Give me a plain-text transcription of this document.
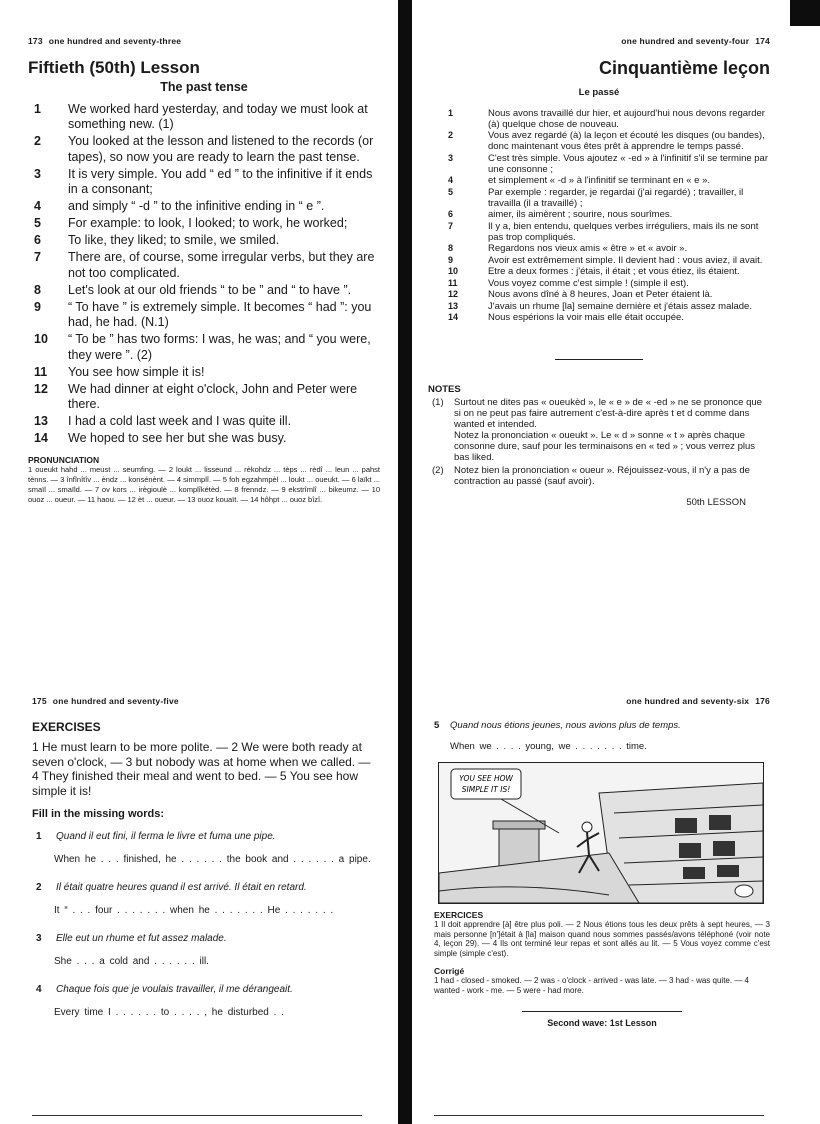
173 one hundred and seventy-three
Fiftieth (50th) Lesson
The past tense
1	We worked hard yesterday, and today we must look at something new. (1)
2	You looked at the lesson and listened to the records (or tapes), so now you are ready to learn the past tense.
3	It is very simple. You add “ ed ” to the infinitive if it ends in a consonant;
4	and simply “ -d ” to the infinitive ending in “ e ”.
5	For example: to look, I looked; to work, he worked;
6	To like, they liked; to smile, we smiled.
7	There are, of course, some irregular verbs, but they are not too complicated.
8	Let's look at our old friends “ to be ” and “ to have ”.
9	“ To have ” is extremely simple. It becomes “ had ”: you had, he had. (N.1)
10	“ To be ” has two forms: I was, he was; and “ you were, they were ”. (2)
11	You see how simple it is!
12	We had dinner at eight o'clock, John and Peter were there.
13	I had a cold last week and I was quite ill.
14	We hoped to see her but she was busy.
PRONUNCIATION
1 oueukt hahd ... meust ... seumfing. — 2 loukt ... lisseund ... rèkohdz ... tèps ... rèdî ... leun ... pahst tènns. — 3 înfînîtîv ... èndz ... konsénènt. — 4 simmplî. — 5 foh egzahmpèl ... loukt ... oueukt. — 6 laïkt ... smaïl ... smaïld. — 7 ov kors ... irègioulè ... komplîkétèd. — 8 frenndz. — 9 ekstrîmlî ... bikeumz. — 10 ouoz ... oueur. — 11 haou. — 12 èt ... oueur. — 13 ouoz kouaït. — 14 hôhpt ... ouoz bîzî.
one hundred and seventy-four 174
Cinquantième leçon
Le passé
1	Nous avons travaillé dur hier, et aujourd'hui nous devons regarder (à) quelque chose de nouveau.
2	Vous avez regardé (à) la leçon et écouté les disques (ou bandes), donc maintenant vous êtes prêt à apprendre le temps passé.
3	C'est très simple. Vous ajoutez « -ed » à l'infinitif s'il se termine par une consonne ;
4	et simplement « -d » à l'infinitif se terminant en « e ».
5	Par exemple : regarder, je regardai (j'ai regardé) ; travailler, il travailla (il a travaillé) ;
6	aimer, ils aimèrent ; sourire, nous sourîmes.
7	Il y a, bien entendu, quelques verbes irréguliers, mais ils ne sont pas trop compliqués.
8	Regardons nos vieux amis « être » et « avoir ».
9	Avoir est extrêmement simple. Il devient had : vous aviez, il avait.
10	Etre a deux formes : j'étais, il était ; et vous étiez, ils étaient.
11	Vous voyez comme c'est simple ! (simple il est).
12	Nous avons dîné à 8 heures, Joan et Peter étaient là.
13	J'avais un rhume [la] semaine dernière et j'étais assez malade.
14	Nous espérions la voir mais elle était occupée.
NOTES
(1)	Surtout ne dites pas « oueukèd », le « e » de « -ed » ne se prononce que si on ne peut pas faire autrement c'est-à-dire après t et d comme dans wanted et intended.

Notez la prononciation « oueukt ». Le « d » sonne « t » après chaque consonne dure, sauf pour les terminaisons en « ted » ; vous verrez plus bas liked.

(2)	Notez bien la prononciation « oueur ». Réjouissez-vous, il n'y a pas de contraction au passé (sauf avoir).

50th LESSON
175 one hundred and seventy-five
EXERCISES
1 He must learn to be more polite. — 2 We were both ready at seven o'clock, — 3 but nobody was at home when we called. — 4 They finished their meal and went to bed. — 5 You see how simple it is!
Fill in the missing words:
1	Quand il eut fini, il ferma le livre et fuma une pipe.
When he . . . finished, he . . . . . . the book and . . . . . . a pipe.
2	Il était quatre heures quand il est arrivé. Il était en retard.
It “ . . . four . . . . . . . when he . . . . . . . He . . . . . . .
3	Elle eut un rhume et fut assez malade.
She . . . a cold and . . . . . . ill.
4	Chaque fois que je voulais travailler, il me dérangeait.
Every time I . . . . . . to . . . . , he disturbed . .
one hundred and seventy-six 176
5	Quand nous étions jeunes, nous avions plus de temps.
When we . . . . young, we . . . . . . . time.
YOU SEE HOW
SIMPLE IT IS!
EXERCICES
1 Il doit apprendre [à] être plus poli. — 2 Nous étions tous les deux prêts à sept heures, — 3 mais personne [n']était à [la] maison quand nous sommes passés/avons téléphoné (voir note 4, leçon 29). — 4 Ils ont terminé leur repas et sont allés au lit. — 5 Vous voyez comme c'est simple (simple c'est).
Corrigé
1 had - closed - smoked. — 2 was - o'clock - arrived - was late. — 3 had - was quite. — 4 wanted - work - me. — 5 were - had more.
Second wave: 1st Lesson
